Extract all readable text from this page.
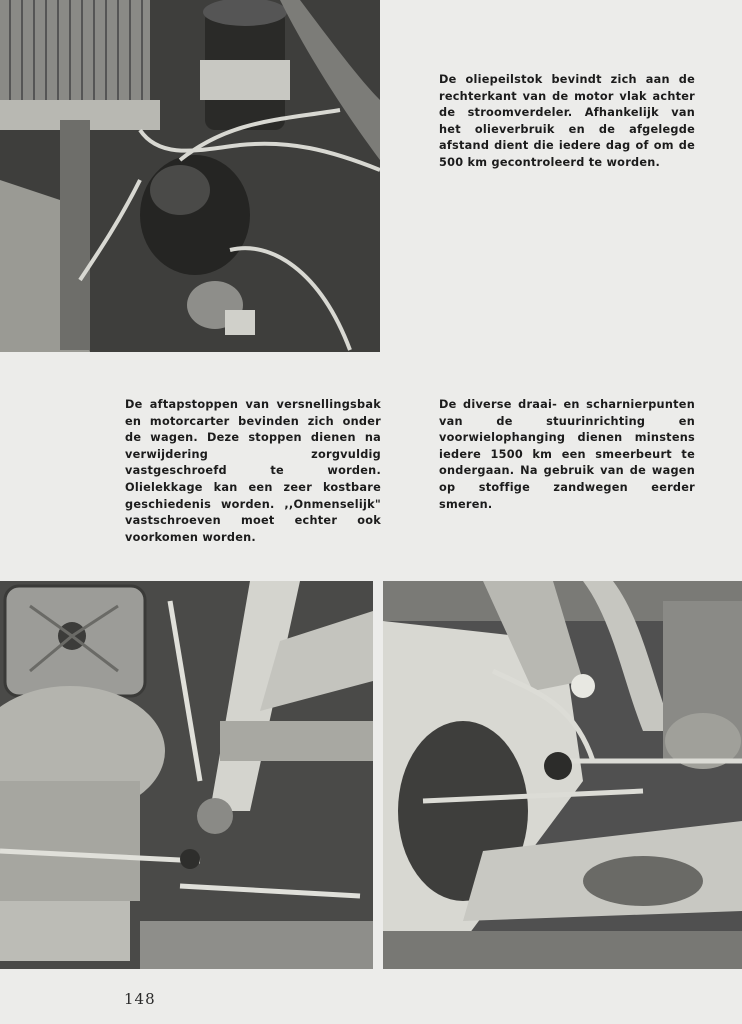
De oliepeilstok bevindt zich aan de rechterkant van de motor vlak achter de stroomverdeler. Afhankelijk van het olieverbruik en de afgelegde afstand dient die iedere dag of om de 500 km gecontroleerd te worden.

De aftapstoppen van versnellingsbak en motorcarter bevinden zich onder de wagen. Deze stoppen dienen na verwijdering zorgvuldig vastgeschroefd te worden. Olielekkage kan een zeer kostbare geschiedenis worden. ,,Onmenselijk" vastschroeven moet echter ook voorkomen worden.

De diverse draai- en scharnierpunten van de stuurinrichting en voorwielophanging dienen minstens iedere 1500 km een smeerbeurt te ondergaan. Na gebruik van de wagen op stoffige zandwegen eerder smeren.

148
